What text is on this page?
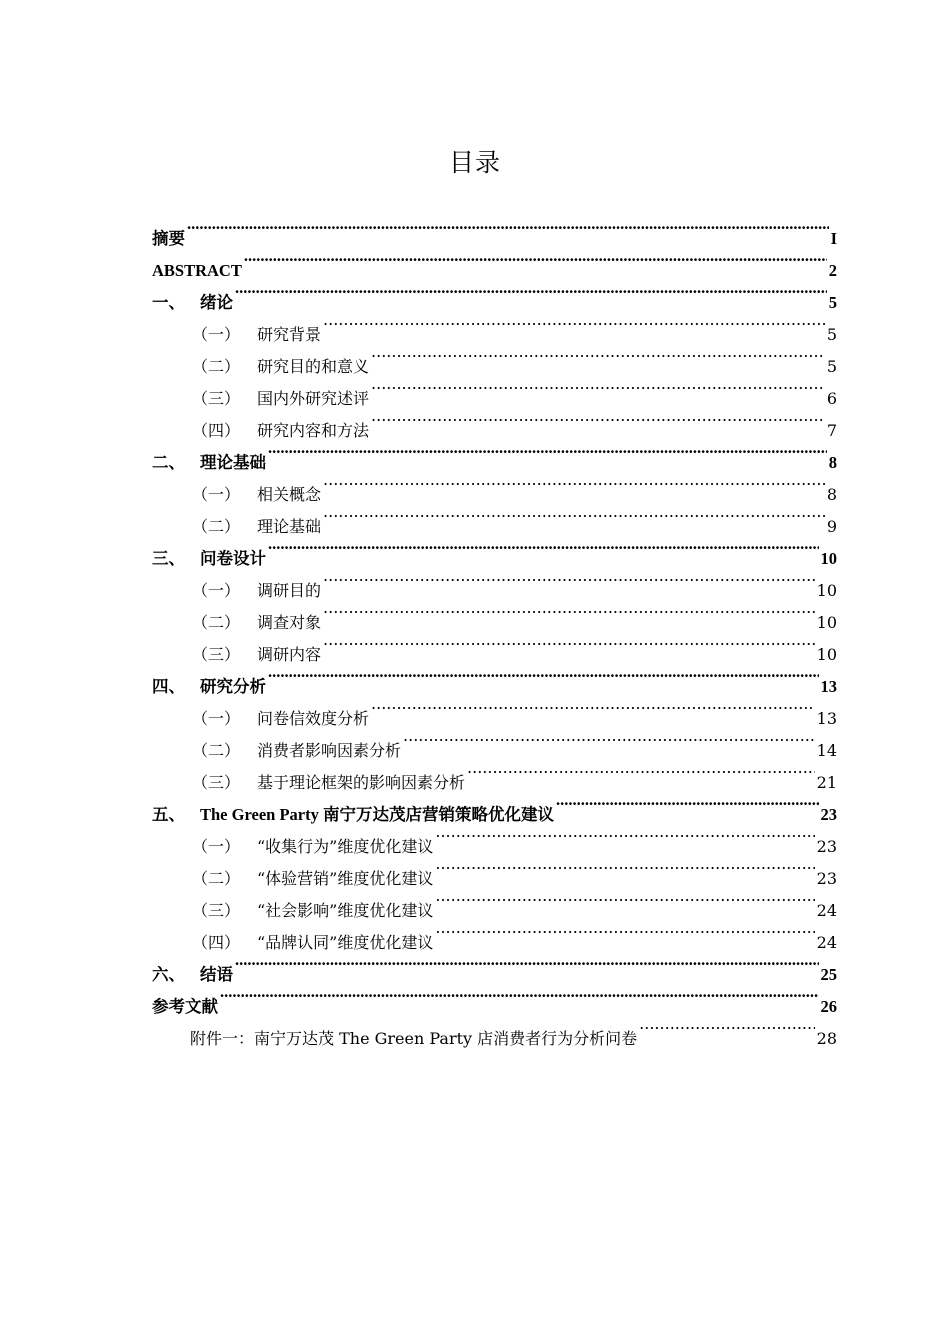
目录
摘要 .....	I
ABSTRACT .....	2
一、 绪论 .....	5
（一）	研究背景 .....	5
（二）	研究目的和意义 .....	5
（三）	国内外研究述评 .....	6
（四）	研究内容和方法 .....	7
二、 理论基础 .....	8
（一）	相关概念 .....	8
（二）	理论基础 .....	9
三、 问卷设计 .....	10
（一）	调研目的 .....	10
（二）	调查对象 .....	10
（三）	调研内容 .....	10
四、 研究分析 .....	13
（一）	问卷信效度分析 .....	13
（二）	消费者影响因素分析 .....	14
（三）	基于理论框架的影响因素分析 .....	21
五、 The Green Party 南宁万达茂店营销策略优化建议 .....	23
（一）	“收集行为”维度优化建议 .....	23
（二）	“体验营销”维度优化建议 .....	23
（三）	“社会影响”维度优化建议 .....	24
（四）	“品牌认同”维度优化建议 .....	24
六、 结语 .....	25
参考文献 .....	26
附件一：南宁万达茂 The Green Party 店消费者行为分析问卷 .....	28
